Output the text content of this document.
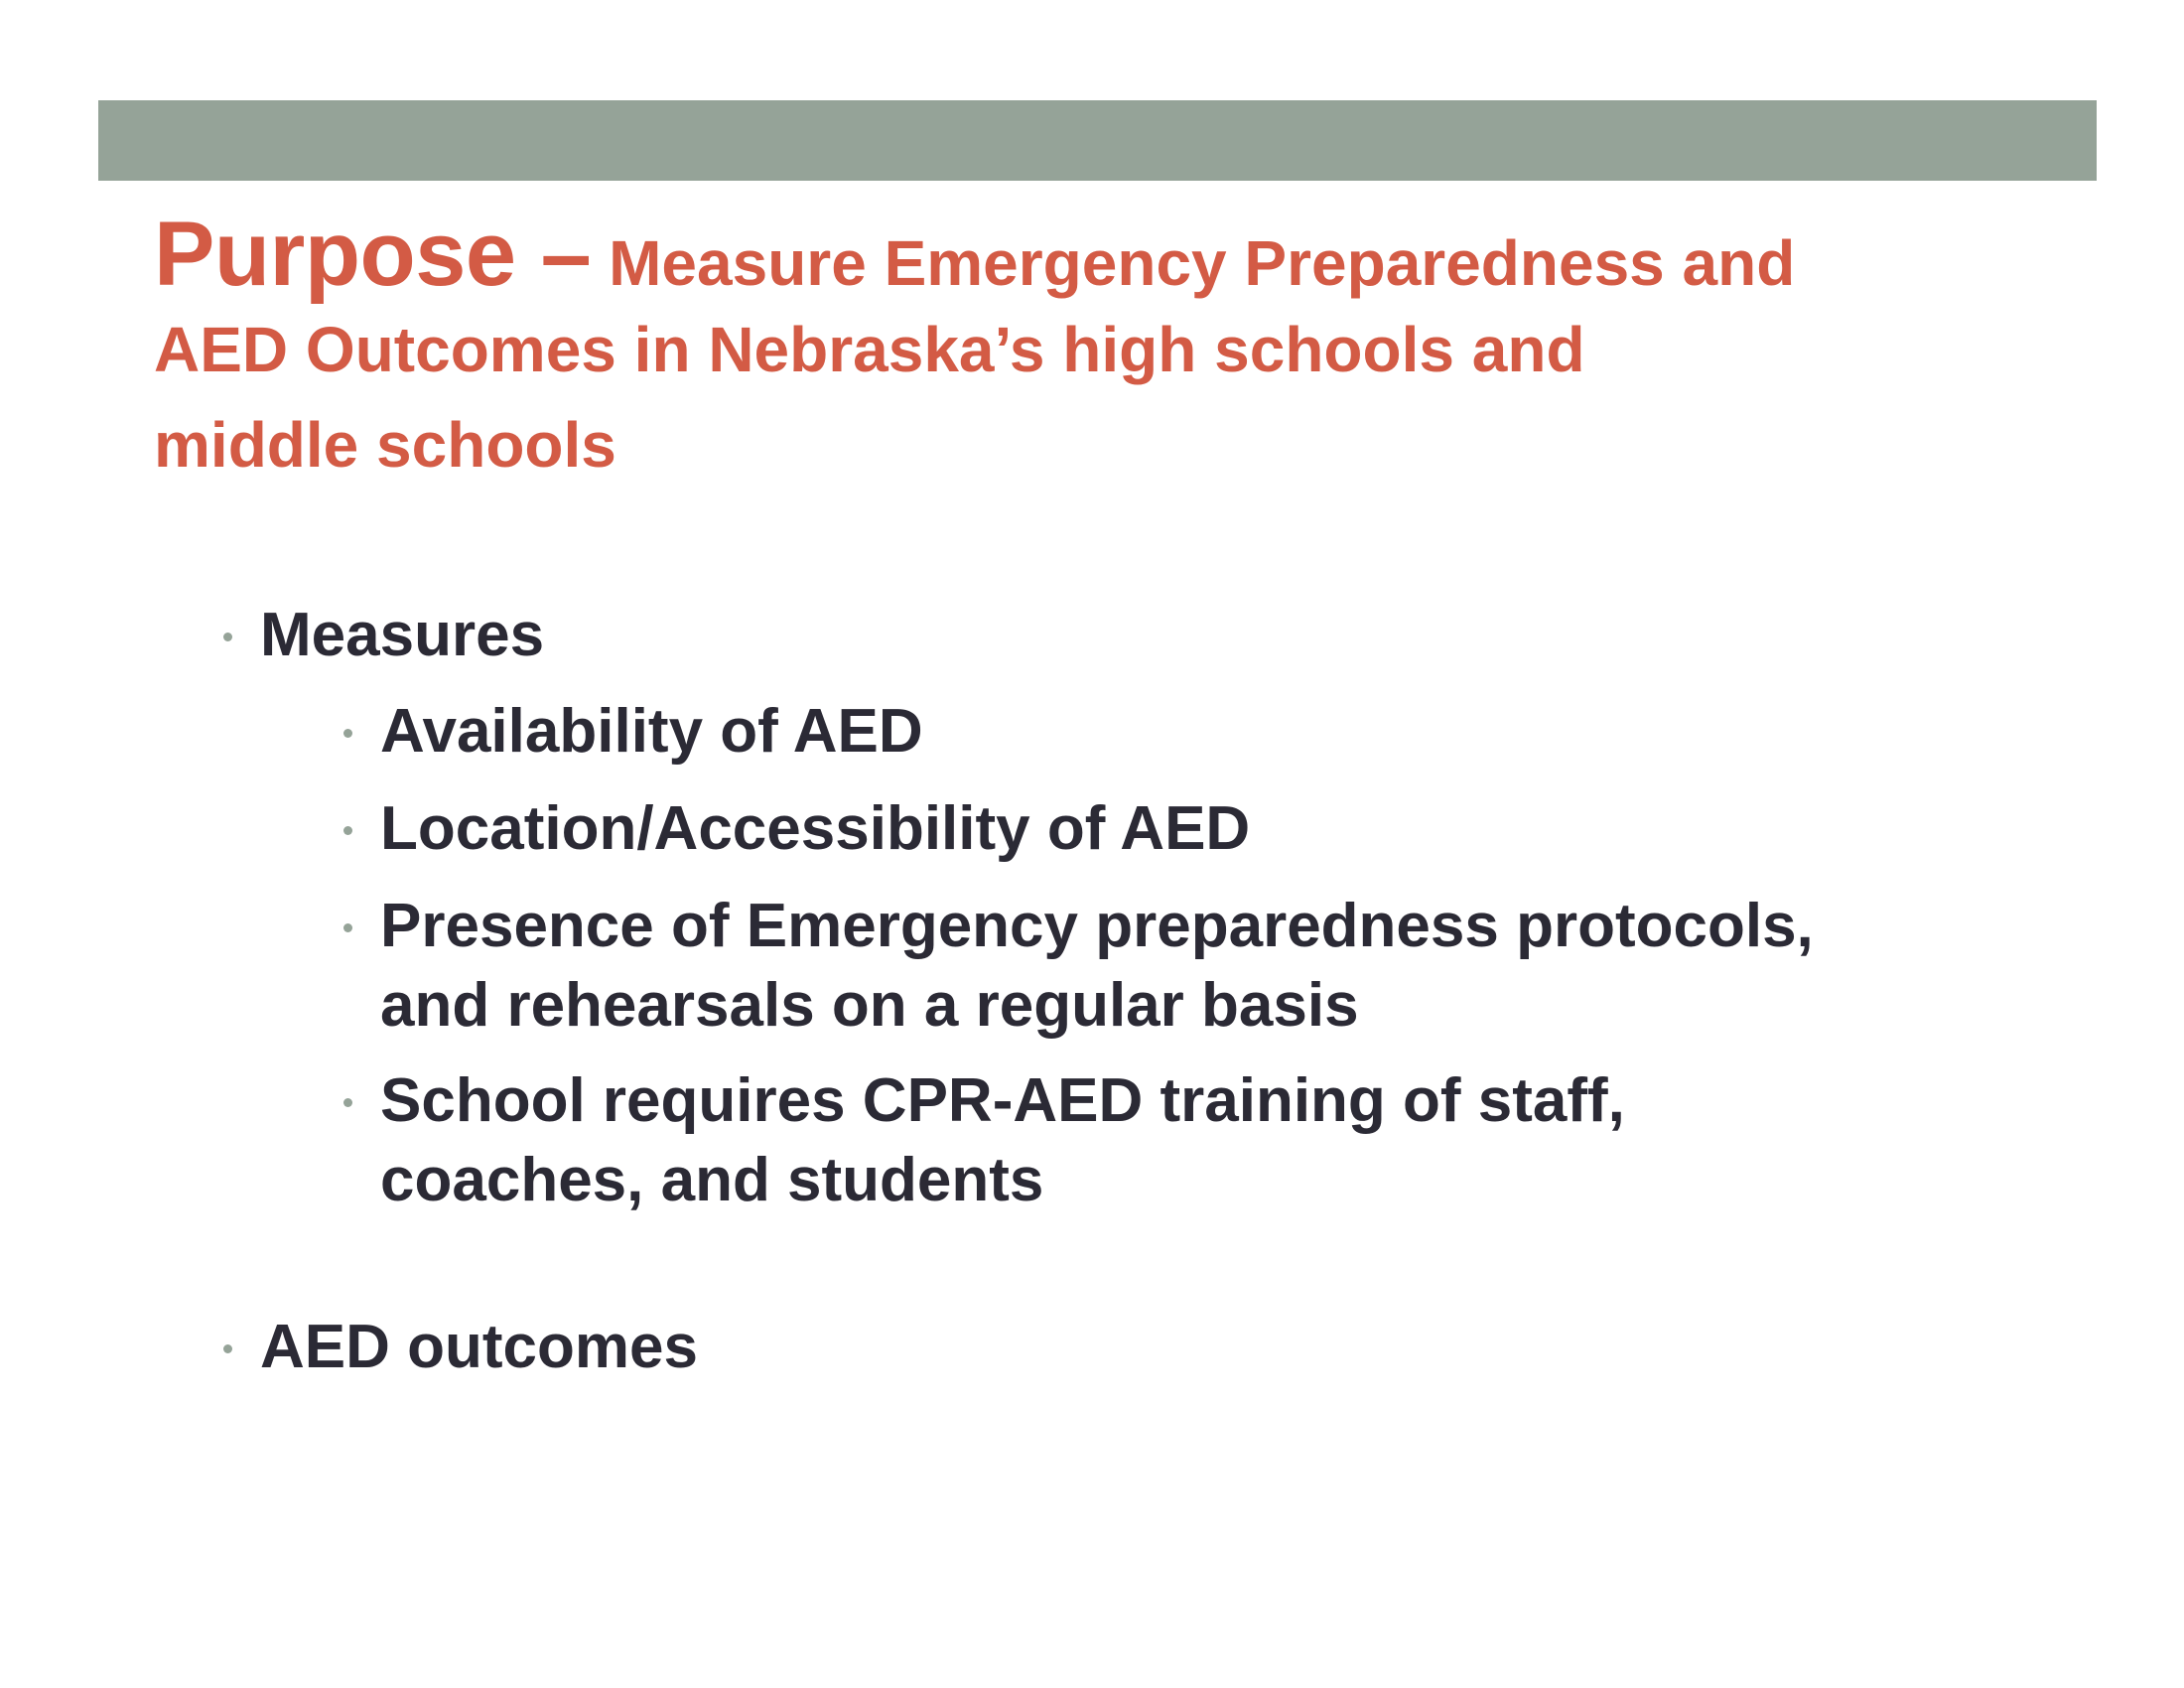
Purpose – Measure Emergency Preparedness and
AED Outcomes in Nebraska’s high schools and
middle schools
Measures
Availability of AED
Location/Accessibility of AED
Presence of Emergency preparedness protocols,
and rehearsals on a regular basis
School requires CPR-AED training of staff,
coaches, and students
AED outcomes
